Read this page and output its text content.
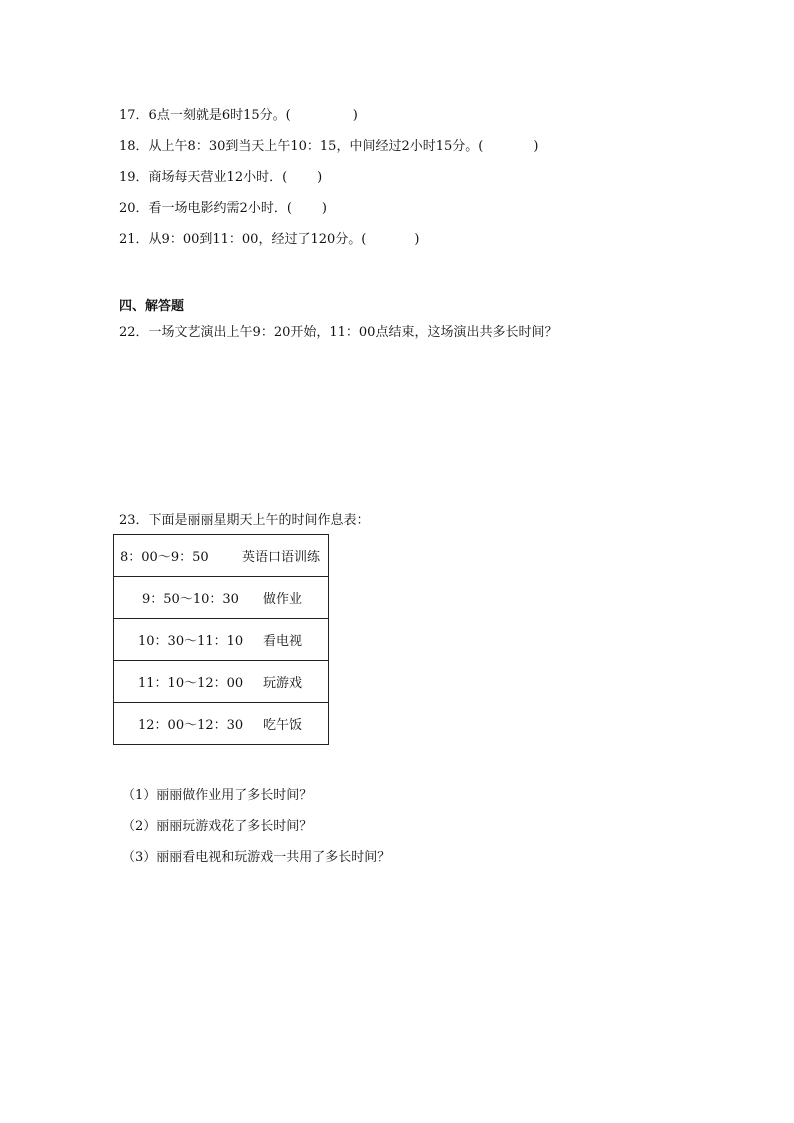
17．6点一刻就是6时15分。(	)
18．从上午8：30到当天上午10：15，中间经过2小时15分。(	)
19．商场每天营业12小时．( )
20．看一场电影约需2小时．( )
21．从9：00到11：00，经过了120分。(	)
四、解答题
22．一场文艺演出上午9：20开始，11：00点结束，这场演出共多长时间？
23．下面是丽丽星期天上午的时间作息表：
8：00～9：50	英语口语训练

9：50～10：30 做作业

10：30～11：10 看电视

11：10～12：00 玩游戏

12：00～12：30 吃午饭
（1）丽丽做作业用了多长时间？
（2）丽丽玩游戏花了多长时间？
（3）丽丽看电视和玩游戏一共用了多长时间？
